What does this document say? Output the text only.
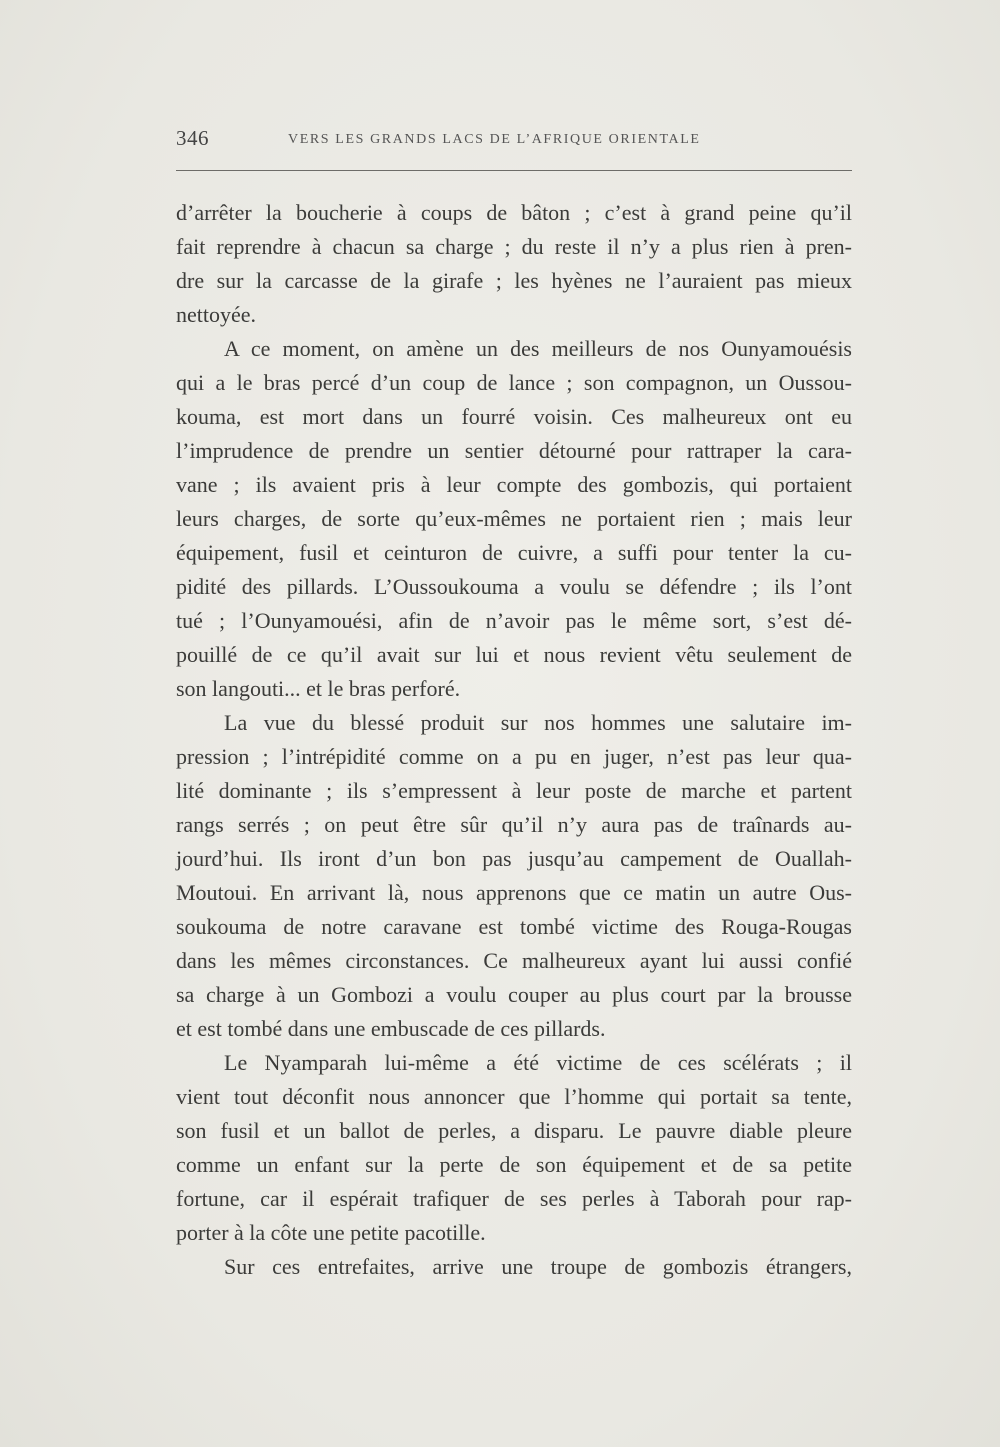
346	VERS LES GRANDS LACS DE L’AFRIQUE ORIENTALE
d’arrêter la boucherie à coups de bâton ; c’est à grand peine qu’il
fait reprendre à chacun sa charge ; du reste il n’y a plus rien à pren-
dre sur la carcasse de la girafe ; les hyènes ne l’auraient pas mieux
nettoyée.
A ce moment, on amène un des meilleurs de nos Ounyamouésis
qui a le bras percé d’un coup de lance ; son compagnon, un Oussou-
kouma, est mort dans un fourré voisin. Ces malheureux ont eu
l’imprudence de prendre un sentier détourné pour rattraper la cara-
vane ; ils avaient pris à leur compte des gombozis, qui portaient
leurs charges, de sorte qu’eux-mêmes ne portaient rien ; mais leur
équipement, fusil et ceinturon de cuivre, a suffi pour tenter la cu-
pidité des pillards. L’Oussoukouma a voulu se défendre ; ils l’ont
tué ; l’Ounyamouési, afin de n’avoir pas le même sort, s’est dé-
pouillé de ce qu’il avait sur lui et nous revient vêtu seulement de
son langouti... et le bras perforé.
La vue du blessé produit sur nos hommes une salutaire im-
pression ; l’intrépidité comme on a pu en juger, n’est pas leur qua-
lité dominante ; ils s’empressent à leur poste de marche et partent
rangs serrés ; on peut être sûr qu’il n’y aura pas de traînards au-
jourd’hui. Ils iront d’un bon pas jusqu’au campement de Ouallah-
Moutoui. En arrivant là, nous apprenons que ce matin un autre Ous-
soukouma de notre caravane est tombé victime des Rouga-Rougas
dans les mêmes circonstances. Ce malheureux ayant lui aussi confié
sa charge à un Gombozi a voulu couper au plus court par la brousse
et est tombé dans une embuscade de ces pillards.
Le Nyamparah lui-même a été victime de ces scélérats ; il
vient tout déconfit nous annoncer que l’homme qui portait sa tente,
son fusil et un ballot de perles, a disparu. Le pauvre diable pleure
comme un enfant sur la perte de son équipement et de sa petite
fortune, car il espérait trafiquer de ses perles à Taborah pour rap-
porter à la côte une petite pacotille.
Sur ces entrefaites, arrive une troupe de gombozis étrangers,
